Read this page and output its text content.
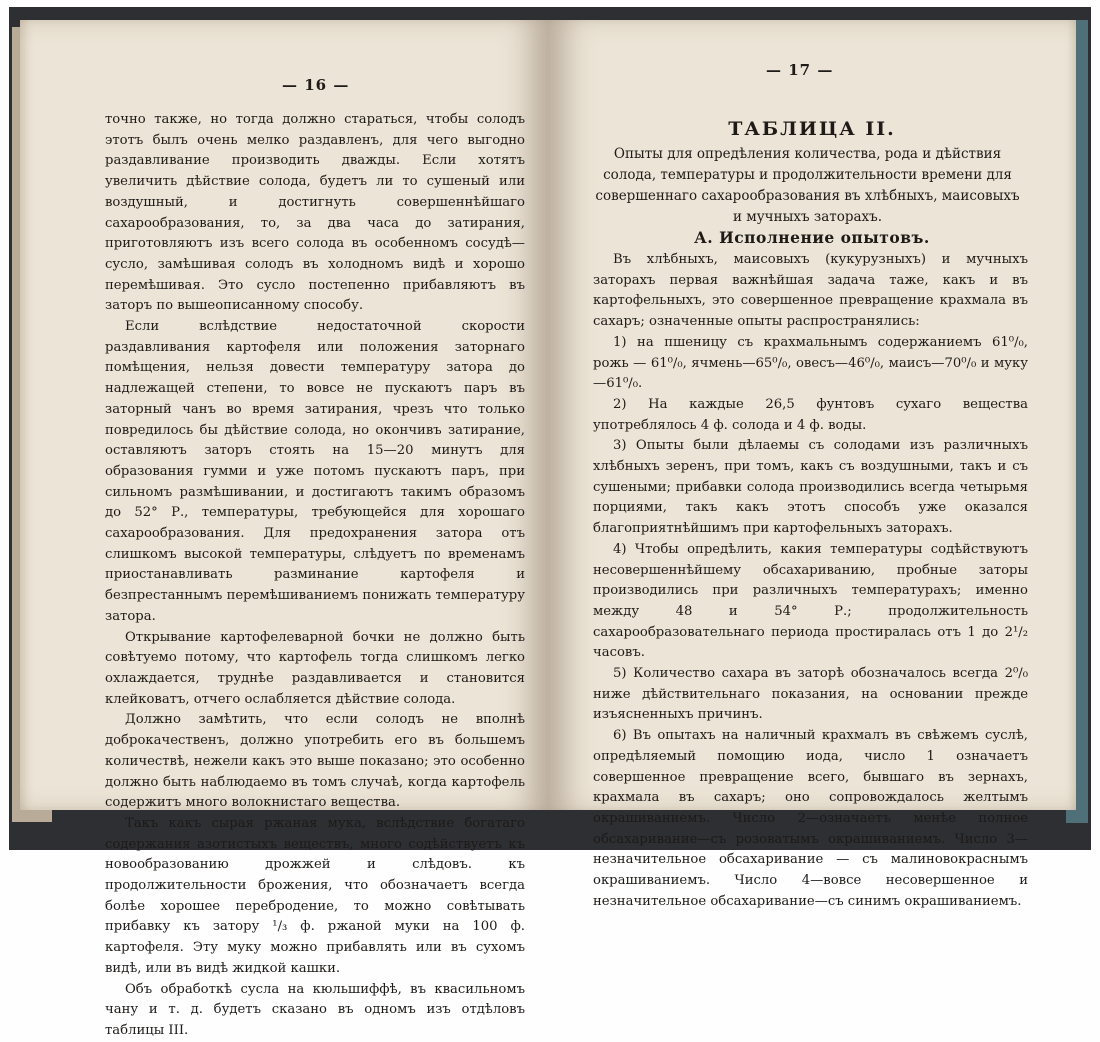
— 16 —

точно также, но тогда должно стараться, чтобы солодъ этотъ былъ очень мелко раздавленъ, для чего выгодно раздавливание производить дважды. Если хотятъ увеличить дѣйствие солода, будетъ ли то сушеный или воздушный, и достигнуть совершеннѣйшаго сахарообразования, то, за два часа до затирания, приготовляютъ изъ всего солода въ особенномъ сосудѣ—сусло, замѣшивая солодъ въ холодномъ видѣ и хорошо перемѣшивая. Это сусло постепенно прибавляютъ въ заторъ по вышеописанному способу.

Если вслѣдствие недостаточной скорости раздавливания картофеля или положения заторнаго помѣщения, нельзя довести температуру затора до надлежащей степени, то вовсе не пускаютъ паръ въ заторный чанъ во время затирания, чрезъ что только повредилось бы дѣйствие солода, но окончивъ затирание, оставляютъ заторъ стоять на 15—20 минутъ для образования гумми и уже потомъ пускаютъ паръ, при сильномъ размѣшивании, и достигаютъ такимъ образомъ до 52° Р., температуры, требующейся для хорошаго сахарообразования. Для предохранения затора отъ слишкомъ высокой температуры, слѣдуетъ по временамъ приостанавливать разминание картофеля и безпрестаннымъ перемѣшиваниемъ понижать температуру затора.

Открывание картофелеварной бочки не должно быть совѣтуемо потому, что картофель тогда слишкомъ легко охлаждается, труднѣе раздавливается и становится клейковатъ, отчего ослабляется дѣйствие солода.

Должно замѣтить, что если солодъ не вполнѣ доброкачественъ, должно употребить его въ большемъ количествѣ, нежели какъ это выше показано; это особенно должно быть наблюдаемо въ томъ случаѣ, когда картофель содержитъ много волокнистаго вещества.

Такъ какъ сырая ржаная мука, вслѣдствие богатаго содержания азотистыхъ веществъ, много содѣйствуетъ къ новообразованию дрожжей и слѣдовъ. къ продолжительности брожения, что обозначаетъ всегда болѣе хорошее перебродение, то можно совѣтывать прибавку къ затору ¹/₃ ф. ржаной муки на 100 ф. картофеля. Эту муку можно прибавлять или въ сухомъ видѣ, или въ видѣ жидкой кашки.

Объ обработкѣ сусла на кюльшиффѣ, въ квасильномъ чану и т. д. будетъ сказано въ одномъ изъ отдѣловъ таблицы III.

— 17 —
ТАБЛИЦА II.
Опыты для опредѣления количества, рода и дѣйствия солода, температуры и продолжительности времени для совершеннаго сахарообразования въ хлѣбныхъ, маисовыхъ и мучныхъ заторахъ.
А. Исполнение опытовъ.

Въ хлѣбныхъ, маисовыхъ (кукурузныхъ) и мучныхъ заторахъ первая важнѣйшая задача таже, какъ и въ картофельныхъ, это совершенное превращение крахмала въ сахаръ; означенные опыты распространялись:

1) на пшеницу съ крахмальнымъ содержаниемъ 61⁰/₀, рожь — 61⁰/₀, ячмень—65⁰/₀, овесъ—46⁰/₀, маисъ—70⁰/₀ и муку—61⁰/₀.

2) На каждые 26,5 фунтовъ сухаго вещества употреблялось 4 ф. солода и 4 ф. воды.

3) Опыты были дѣлаемы съ солодами изъ различныхъ хлѣбныхъ зеренъ, при томъ, какъ съ воздушными, такъ и съ сушеными; прибавки солода производились всегда четырьмя порциями, такъ какъ этотъ способъ уже оказался благоприятнѣйшимъ при картофельныхъ заторахъ.

4) Чтобы опредѣлить, какия температуры содѣйствуютъ несовершеннѣйшему обсахариванию, пробные заторы производились при различныхъ температурахъ; именно между 48 и 54° Р.; продолжительность сахарообразовательнаго периода простиралась отъ 1 до 2¹/₂ часовъ.

5) Количество сахара въ заторѣ обозначалось всегда 2⁰/₀ ниже дѣйствительнаго показания, на основании прежде изъясненныхъ причинъ.

6) Въ опытахъ на наличный крахмалъ въ свѣжемъ суслѣ, опредѣляемый помощию иода, число 1 означаетъ совершенное превращение всего, бывшаго въ зернахъ, крахмала въ сахаръ; оно сопровождалось желтымъ окрашиваниемъ. Число 2—означаетъ менѣе полное обсахаривание—съ розоватымъ окрашиваниемъ. Число 3—незначительное обсахаривание — съ малиновокраснымъ окрашиваниемъ. Число 4—вовсе несовершенное и незначительное обсахаривание—съ синимъ окрашиваниемъ.
